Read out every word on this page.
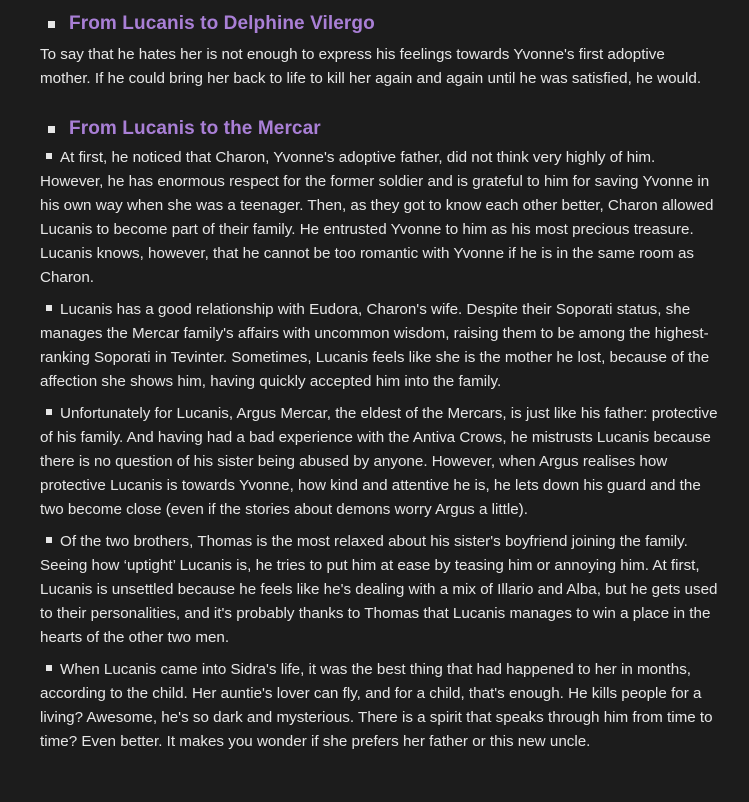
From Lucanis to Delphine Vilergo

To say that he hates her is not enough to express his feelings towards Yvonne's first adoptive mother. If he could bring her back to life to kill her again and again until he was satisfied, he would.

From Lucanis to the Mercar

At first, he noticed that Charon, Yvonne's adoptive father, did not think very highly of him. However, he has enormous respect for the former soldier and is grateful to him for saving Yvonne in his own way when she was a teenager. Then, as they got to know each other better, Charon allowed Lucanis to become part of their family. He entrusted Yvonne to him as his most precious treasure. Lucanis knows, however, that he cannot be too romantic with Yvonne if he is in the same room as Charon.

Lucanis has a good relationship with Eudora, Charon's wife. Despite their Soporati status, she manages the Mercar family's affairs with uncommon wisdom, raising them to be among the highest-ranking Soporati in Tevinter. Sometimes, Lucanis feels like she is the mother he lost, because of the affection she shows him, having quickly accepted him into the family.

Unfortunately for Lucanis, Argus Mercar, the eldest of the Mercars, is just like his father: protective of his family. And having had a bad experience with the Antiva Crows, he mistrusts Lucanis because there is no question of his sister being abused by anyone. However, when Argus realises how protective Lucanis is towards Yvonne, how kind and attentive he is, he lets down his guard and the two become close (even if the stories about demons worry Argus a little).

Of the two brothers, Thomas is the most relaxed about his sister's boyfriend joining the family. Seeing how ‘uptight’ Lucanis is, he tries to put him at ease by teasing him or annoying him. At first, Lucanis is unsettled because he feels like he's dealing with a mix of Illario and Alba, but he gets used to their personalities, and it's probably thanks to Thomas that Lucanis manages to win a place in the hearts of the other two men.

When Lucanis came into Sidra's life, it was the best thing that had happened to her in months, according to the child. Her auntie's lover can fly, and for a child, that's enough. He kills people for a living? Awesome, he's so dark and mysterious. There is a spirit that speaks through him from time to time? Even better. It makes you wonder if she prefers her father or this new uncle.
